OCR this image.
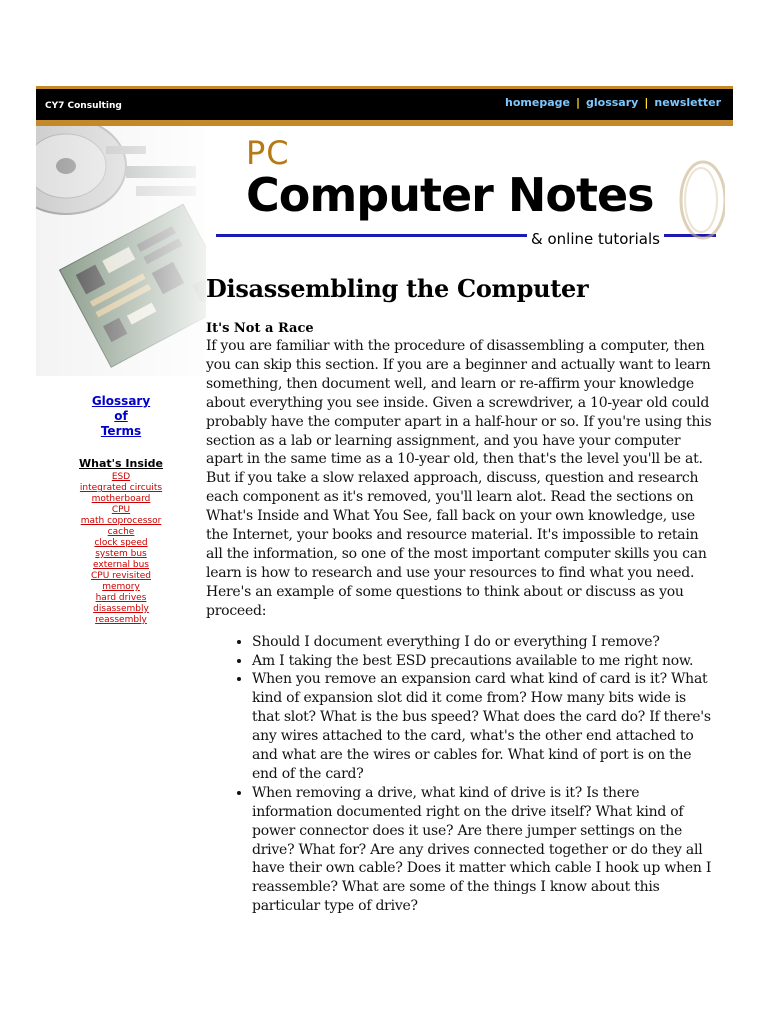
CY7 Consulting	homepage | glossary | newsletter
PC
Computer Notes
& online tutorials
Glossary
of
Terms
What's Inside
ESD
integrated circuits
motherboard
CPU
math coprocessor
cache
clock speed
system bus
external bus
CPU revisited
memory
hard drives
disassembly
reassembly
Disassembling the Computer
It's Not a Race

If you are familiar with the procedure of disassembling a computer, then you can skip this section. If you are a beginner and actually want to learn something, then document well, and learn or re-affirm your knowledge about everything you see inside. Given a screwdriver, a 10-year old could probably have the computer apart in a half-hour or so. If you're using this section as a lab or learning assignment, and you have your computer apart in the same time as a 10-year old, then that's the level you'll be at. But if you take a slow relaxed approach, discuss, question and research each component as it's removed, you'll learn alot. Read the sections on What's Inside and What You See, fall back on your own knowledge, use the Internet, your books and resource material. It's impossible to retain all the information, so one of the most important computer skills you can learn is how to research and use your resources to find what you need. Here's an example of some questions to think about or discuss as you proceed:

• Should I document everything I do or everything I remove?
• Am I taking the best ESD precautions available to me right now.
• When you remove an expansion card what kind of card is it? What kind of expansion slot did it come from? How many bits wide is that slot? What is the bus speed? What does the card do? If there's any wires attached to the card, what's the other end attached to and what are the wires or cables for. What kind of port is on the end of the card?
• When removing a drive, what kind of drive is it? Is there information documented right on the drive itself? What kind of power connector does it use? Are there jumper settings on the drive? What for? Are any drives connected together or do they all have their own cable? Does it matter which cable I hook up when I reassemble? What are some of the things I know about this particular type of drive?
